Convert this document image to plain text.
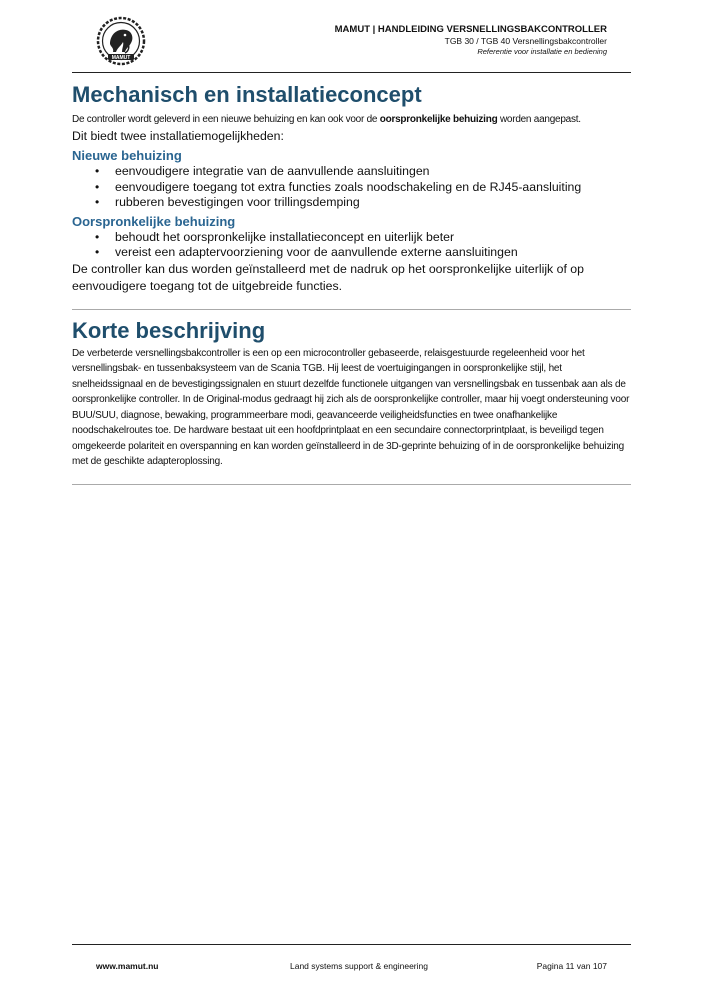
MAMUT
MAMUT | HANDLEIDING VERSNELLINGSBAKCONTROLLER
TGB 30 / TGB 40 Versnellingsbakcontroller
Referentie voor installatie en bediening
Mechanisch en installatieconcept

De controller wordt geleverd in een nieuwe behuizing en kan ook voor de oorspronkelijke behuizing worden aangepast.

Dit biedt twee installatiemogelijkheden:

Nieuwe behuizing
• eenvoudigere integratie van de aanvullende aansluitingen
• eenvoudigere toegang tot extra functies zoals noodschakeling en de RJ45-aansluiting
• rubberen bevestigingen voor trillingsdemping
Oorspronkelijke behuizing
• behoudt het oorspronkelijke installatieconcept en uiterlijk beter
• vereist een adaptervoorziening voor de aanvullende externe aansluitingen

De controller kan dus worden geïnstalleerd met de nadruk op het oorspronkelijke uiterlijk of op eenvoudigere toegang tot de uitgebreide functies.

Korte beschrijving

De verbeterde versnellingsbakcontroller is een op een microcontroller gebaseerde, relaisgestuurde regeleenheid voor het versnellingsbak- en tussenbaksysteem van de Scania TGB. Hij leest de voertuigingangen in oorspronkelijke stijl, het snelheidssignaal en de bevestigingssignalen en stuurt dezelfde functionele uitgangen van versnellingsbak en tussenbak aan als de oorspronkelijke controller. In de Original-modus gedraagt hij zich als de oorspronkelijke controller, maar hij voegt ondersteuning voor BUU/SUU, diagnose, bewaking, programmeerbare modi, geavanceerde veiligheidsfuncties en twee onafhankelijke noodschakelroutes toe. De hardware bestaat uit een hoofdprintplaat en een secundaire connectorprintplaat, is beveiligd tegen omgekeerde polariteit en overspanning en kan worden geïnstalleerd in de 3D-geprinte behuizing of in de oorspronkelijke behuizing met de geschikte adapteroplossing.

www.mamut.nu	Land systems support & engineering	Pagina 11 van 107
